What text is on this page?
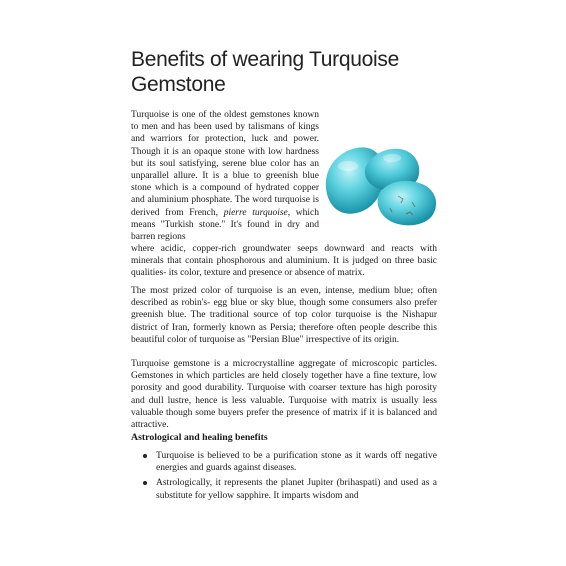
Benefits of wearing Turquoise Gemstone

Turquoise is one of the oldest gemstones known to men and has been used by talismans of kings and warriors for protection, luck and power. Though it is an opaque stone with low hardness but its soul satisfying, serene blue color has an unparallel allure. It is a blue to greenish blue stone which is a compound of hydrated copper and aluminium phosphate. The word turquoise is derived from French, pierre turquoise, which means "Turkish stone." It's found in dry and barren regions

where acidic, copper-rich groundwater seeps downward and reacts with minerals that contain phosphorous and aluminium. It is judged on three basic qualities- its color, texture and presence or absence of matrix.

The most prized color of turquoise is an even, intense, medium blue; often described as robin's- egg blue or sky blue, though some consumers also prefer greenish blue. The traditional source of top color turquoise is the Nishapur district of Iran, formerly known as Persia; therefore often people describe this beautiful color of turquoise as "Persian Blue" irrespective of its origin.

Turquoise gemstone is a microcrystalline aggregate of microscopic particles. Gemstones in which particles are held closely together have a fine texture, low porosity and good durability. Turquoise with coarser texture has high porosity and dull lustre, hence is less valuable. Turquoise with matrix is usually less valuable though some buyers prefer the presence of matrix if it is balanced and attractive.

Astrological and healing benefits
Turquoise is believed to be a purification stone as it wards off negative energies and guards against diseases.
Astrologically, it represents the planet Jupiter (brihaspati) and used as a substitute for yellow sapphire. It imparts wisdom and
